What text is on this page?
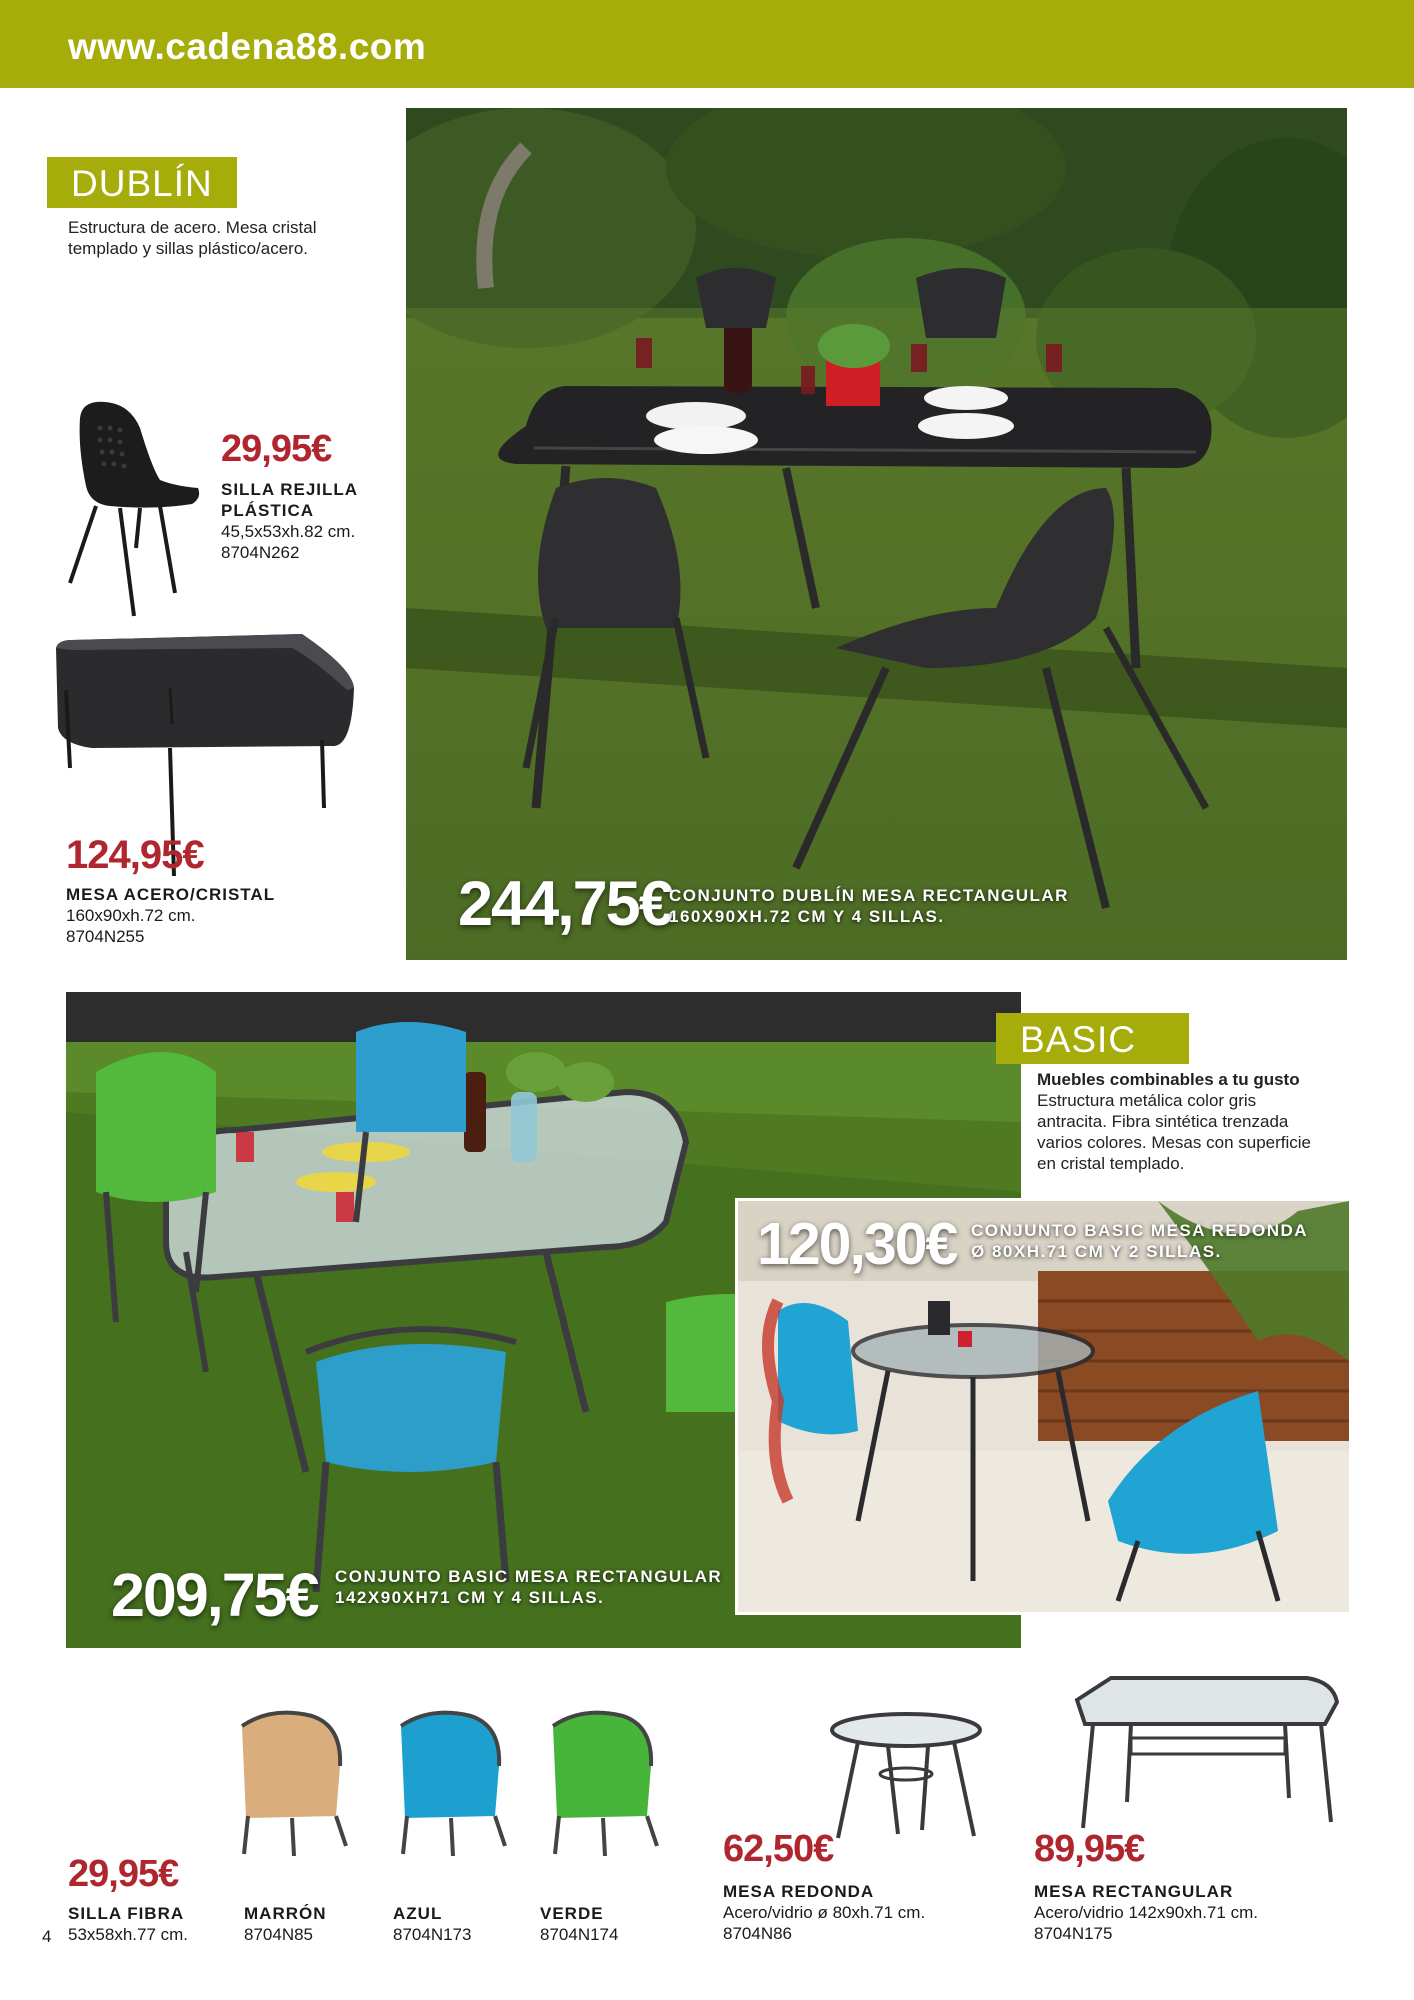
www.cadena88.com
DUBLÍN
Estructura de acero. Mesa cristal
templado y sillas plástico/acero.
29,95€
SILLA REJILLA
PLÁSTICA
45,5x53xh.82 cm.
8704N262
124,95€
MESA ACERO/CRISTAL
160x90xh.72 cm.
8704N255	244,75€
CONJUNTO DUBLÍN MESA RECTANGULAR
160X90XH.72 CM Y 4 SILLAS.
209,75€ CONJUNTO BASIC MESA RECTANGULAR
142X90XH71 CM Y 4 SILLAS.
BASIC
Muebles combinables a tu gusto
Estructura metálica color gris
antracita. Fibra sintética trenzada
varios colores. Mesas con superficie
en cristal templado.
120,30€ CONJUNTO BASIC MESA REDONDA
Ø 80XH.71 CM Y 2 SILLAS.
29,95€
SILLA FIBRA
53x58xh.77 cm.
MARRÓN
8704N85
AZUL
8704N173
VERDE
8704N174
62,50€
MESA REDONDA
Acero/vidrio ø 80xh.71 cm.
8704N86
89,95€
MESA RECTANGULAR
Acero/vidrio 142x90xh.71 cm.
8704N175
4
